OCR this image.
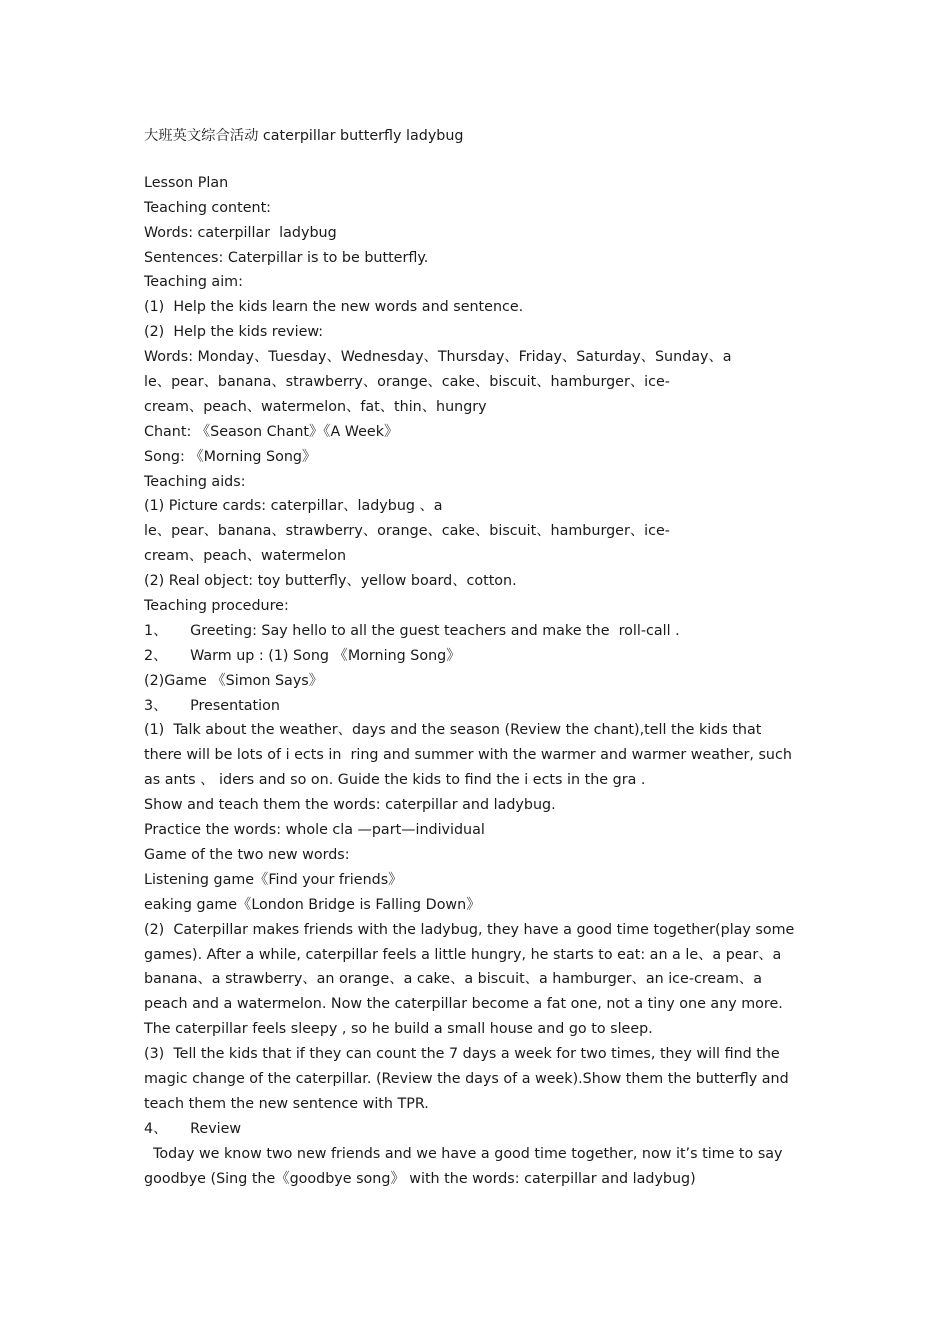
大班英文综合活动 caterpillar butterfly ladybug
Lesson Plan
Teaching content:
Words: caterpillar  ladybug
Sentences: Caterpillar is to be butterfly.
Teaching aim:
(1)  Help the kids learn the new words and sentence.
(2)  Help the kids review:
Words: Monday、Tuesday、Wednesday、Thursday、Friday、Saturday、Sunday、a
le、pear、banana、strawberry、orange、cake、biscuit、hamburger、ice-
cream、peach、watermelon、fat、thin、hungry
Chant: 《Season Chant》《A Week》
Song: 《Morning Song》
Teaching aids:
(1) Picture cards: caterpillar、ladybug 、a
le、pear、banana、strawberry、orange、cake、biscuit、hamburger、ice-
cream、peach、watermelon
(2) Real object: toy butterfly、yellow board、cotton.
Teaching procedure:
1、     Greeting: Say hello to all the guest teachers and make the  roll-call .
2、     Warm up : (1) Song 《Morning Song》
(2)Game 《Simon Says》
3、     Presentation
(1)  Talk about the weather、days and the season (Review the chant),tell the kids that
there will be lots of i ects in  ring and summer with the warmer and warmer weather, such
as ants 、 iders and so on. Guide the kids to find the i ects in the gra .
Show and teach them the words: caterpillar and ladybug.
Practice the words: whole cla —part—individual
Game of the two new words:
Listening game《Find your friends》
eaking game《London Bridge is Falling Down》
(2)  Caterpillar makes friends with the ladybug, they have a good time together(play some
games). After a while, caterpillar feels a little hungry, he starts to eat: an a le、a pear、a
banana、a strawberry、an orange、a cake、a biscuit、a hamburger、an ice-cream、a
peach and a watermelon. Now the caterpillar become a fat one, not a tiny one any more.
The caterpillar feels sleepy , so he build a small house and go to sleep.
(3)  Tell the kids that if they can count the 7 days a week for two times, they will find the
magic change of the caterpillar. (Review the days of a week).Show them the butterfly and
teach them the new sentence with TPR.
4、     Review
Today we know two new friends and we have a good time together, now it’s time to say
goodbye (Sing the《goodbye song》 with the words: caterpillar and ladybug)
